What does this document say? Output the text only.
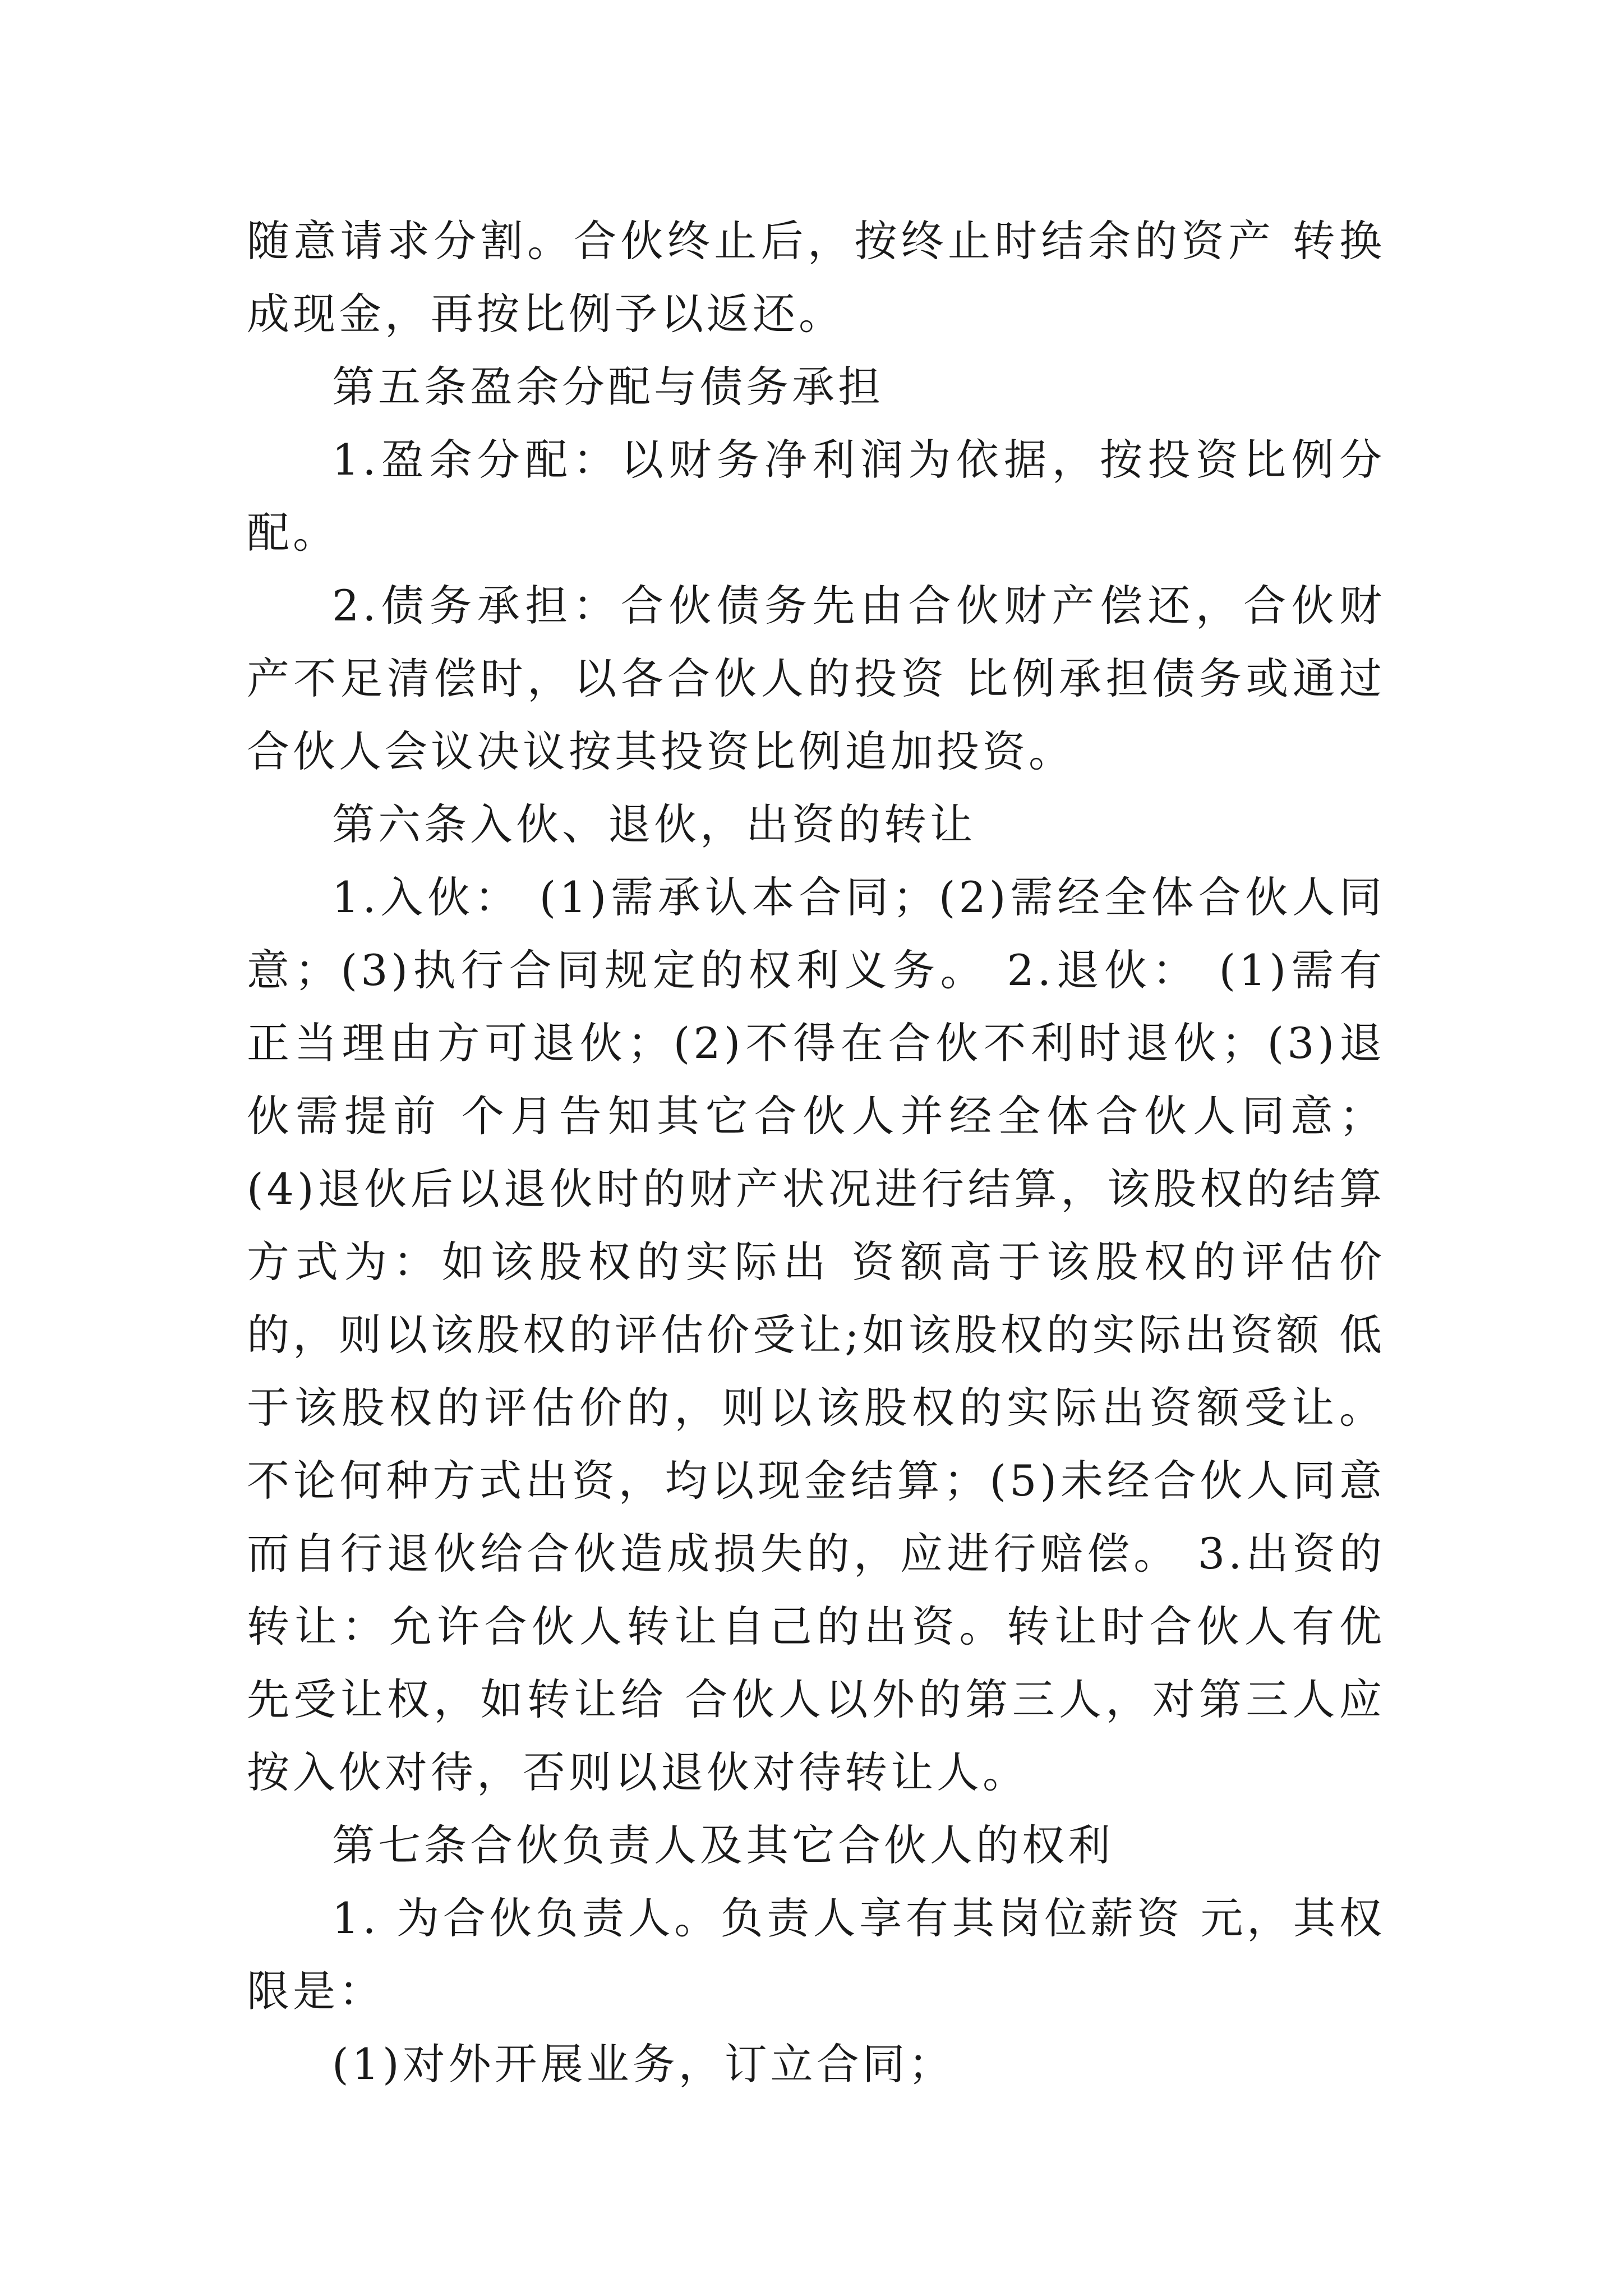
随意请求分割。合伙终止后，按终止时结余的资产 转换成现金，再按比例予以返还。

第五条盈余分配与债务承担

1.盈余分配：以财务净利润为依据，按投资比例分配。

2.债务承担：合伙债务先由合伙财产偿还，合伙财产不足清偿时，以各合伙人的投资 比例承担债务或通过合伙人会议决议按其投资比例追加投资。

第六条入伙、退伙，出资的转让

1.入伙： (1)需承认本合同；(2)需经全体合伙人同意；(3)执行合同规定的权利义务。 2.退伙： (1)需有正当理由方可退伙；(2)不得在合伙不利时退伙；(3)退伙需提前 个月告知其它合伙人并经全体合伙人同意；(4)退伙后以退伙时的财产状况进行结算，该股权的结算方式为：如该股权的实际出 资额高于该股权的评估价的，则以该股权的评估价受让;如该股权的实际出资额 低于该股权的评估价的，则以该股权的实际出资额受让。不论何种方式出资，均以现金结算；(5)未经合伙人同意而自行退伙给合伙造成损失的，应进行赔偿。 3.出资的转让：允许合伙人转让自己的出资。转让时合伙人有优先受让权，如转让给 合伙人以外的第三人，对第三人应按入伙对待，否则以退伙对待转让人。

第七条合伙负责人及其它合伙人的权利

1. 为合伙负责人。负责人享有其岗位薪资 元，其权限是：

(1)对外开展业务，订立合同；
